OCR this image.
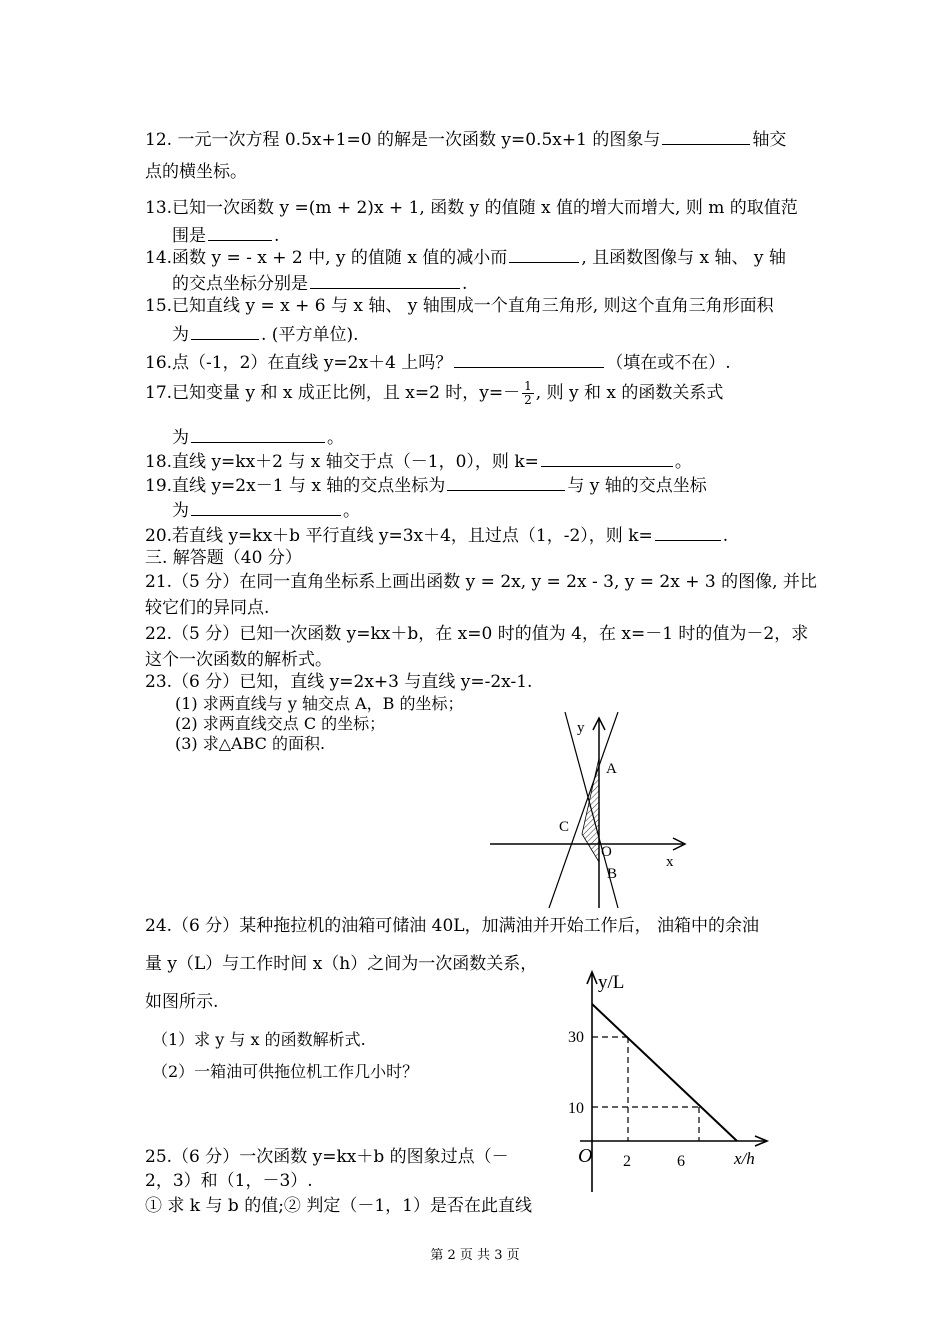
12. 一元一次方程 0.5x+1=0 的解是一次函数 y=0.5x+1 的图象与	轴交
点的横坐标。
13.已知一次函数 y =(m + 2)x + 1, 函数 y 的值随 x 值的增大而增大, 则 m 的取值范
围是	.
14.函数 y = - x + 2 中, y 的值随 x 值的减小而	, 且函数图像与 x 轴、 y 轴
的交点坐标分别是	.
15.已知直线 y = x + 6 与 x 轴、 y 轴围成一个直角三角形, 则这个直角三角形面积
为	. (平方单位).
16.点（-1，2）在直线 y=2x＋4 上吗？	（填在或不在）.
17.已知变量 y 和 x 成正比例，且 x=2 时，$y=- \frac{1}{2}$ , 则 y 和 x 的函数关系式
为	。
18.直线 y=kx＋2 与 x 轴交于点（－1，0），则 k=	。
19.直线 y=2x－1 与 x 轴的交点坐标为	与 y 轴的交点坐标
为	。
20.若直线 y=kx＋b 平行直线 y=3x＋4，且过点（1，-2），则 k=	.
三. 解答题（40 分）
21.（5 分）在同一直角坐标系上画出函数 y = 2x, y = 2x - 3, y = 2x + 3 的图像, 并比
较它们的异同点.
22.（5 分）已知一次函数 y=kx＋b，在 x=0 时的值为 4，在 x=－1 时的值为－2，求
这个一次函数的解析式。
23.（6 分）已知，直线 y=2x+3 与直线 y=-2x-1.
(1) 求两直线与 y 轴交点 A，B 的坐标；
(2) 求两直线交点 C 的坐标；
(3) 求△ABC 的面积.
y
x
A
C
O
B
24.（6 分）某种拖拉机的油箱可储油 40L，加满油并开始工作后， 油箱中的余油
量 y（L）与工作时间 x（h）之间为一次函数关系，
如图所示.
（1）求 y 与 x 的函数解析式.
（2）一箱油可供拖位机工作几小时？
y/L
x/h
30
10
O 2	6
25.（6 分）一次函数 y=kx＋b 的图象过点（－
2，3）和（1，－3）.
① 求 k 与 b 的值;② 判定（－1，1）是否在此直线
第 2 页 共 3 页
